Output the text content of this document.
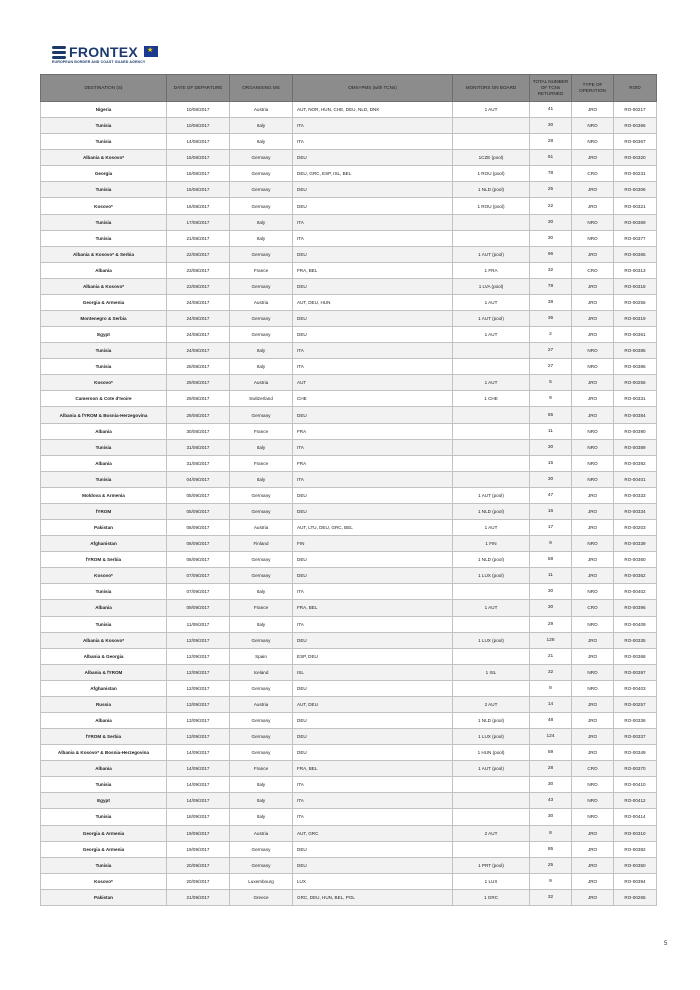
FRONTEX
★
EUROPEAN BORDER AND COAST GUARD AGENCY
DESTINATION (S)	DATE OF DEPARTURE	ORGANISING MS	OMS+PMS (with TCNs)	MONITORS ON BOARD	TOTAL NUMBER OF TCNs RETURNED	TYPE OF OPERATION	ROID
Nigeria	10/08/2017	Austria	AUT, NOR, HUN, CHE, DEU, NLD, DNK	1 AUT	41	JRO	RO-00217
Tunisia	10/08/2017	Italy	ITA		30	NRO	RO-00366
Tunisia	14/08/2017	Italy	ITA		28	NRO	RO-00367
Albania & Kosovo*	15/08/2017	Germany	DEU	1CZE (pool)	61	JRO	RO-00320
Georgia	16/08/2017	Germany	DEU, GRC, ESP, ISL, BEL	1 ROU (pool)	78	CRO	RO-00231
Tunisia	16/08/2017	Germany	DEU	1 NLD (pool)	25	JRO	RO-00306
Kosovo*	16/08/2017	Germany	DEU	1 ROU (pool)	22	JRO	RO-00321
Tunisia	17/08/2017	Italy	ITA		30	NRO	RO-00369
Tunisia	21/08/2017	Italy	ITA		30	NRO	RO-00377
Albania & Kosovo* & Serbia	22/08/2017	Germany	DEU	1 AUT (pool)	96	JRO	RO-00365
Albania	23/08/2017	France	FRA, BEL	1 FRA	32	CRO	RO-00313
Albania & Kosovo*	23/08/2017	Germany	DEU	1 LVA (pool)	78	JRO	RO-00318
Georgia & Armenia	24/08/2017	Austria	AUT, DEU, HUN	1 AUT	38	JRO	RO-00255
Montenegro & Serbia	24/08/2017	Germany	DEU	1 AUT (pool)	36	JRO	RO-00319
Egypt	24/08/2017	Germany	DEU	1 AUT	2	JRO	RO-00361
Tunisia	24/08/2017	Italy	ITA		27	NRO	RO-00385
Tunisia	28/08/2017	Italy	ITA		27	NRO	RO-00386
Kosovo*	29/08/2017	Austria	AUT	1 AUT	5	JRO	RO-00256
Cameroon & Cote d'Ivoire	29/08/2017	Switzerland	CHE	1 CHE	9	JRO	RO-00331
Albania & fYROM & Bosnia-Herzegovina	29/08/2017	Germany	DEU		65	JRO	RO-00384
Albania	30/08/2017	France	FRA		11	NRO	RO-00390
Tunisia	31/08/2017	Italy	ITA		30	NRO	RO-00389
Albania	31/08/2017	France	FRA		15	NRO	RO-00392
Tunisia	04/09/2017	Italy	ITA		30	NRO	RO-00401
Moldova & Armenia	05/09/2017	Germany	DEU	1 AUT (pool)	47	JRO	RO-00333
fYROM	05/09/2017	Germany	DEU	1 NLD (pool)	16	JRO	RO-00334
Pakistan	06/09/2017	Austria	AUT, LTU, DEU, GRC, BEL	1 AUT	17	JRO	RO-00203
Afghanistan	06/09/2017	Finland	FIN	1 FIN	9	NRO	RO-00339
fYROM & Serbia	06/09/2017	Germany	DEU	1 NLD (pool)	58	JRO	RO-00360
Kosovo*	07/09/2017	Germany	DEU	1 LUX (pool)	11	JRO	RO-00362
Tunisia	07/09/2017	Italy	ITA		30	NRO	RO-00402
Albania	09/09/2017	France	FRA, BEL	1 AUT	30	CRO	RO-00396
Tunisia	11/09/2017	Italy	ITA		29	NRO	RO-00409
Albania & Kosovo*	12/09/2017	Germany	DEU	1 LUX (pool)	128	JRO	RO-00335
Albania & Georgia	12/09/2017	Spain	ESP, DEU		21	JRO	RO-00368
Albania & fYROM	12/09/2017	Iceland	ISL	1 ISL	32	NRO	RO-00397
Afghanistan	12/09/2017	Germany	DEU		8	NRO	RO-00403
Russia	13/09/2017	Austria	AUT, DEU	2 AUT	14	JRO	RO-00257
Albania	13/09/2017	Germany	DEU	1 NLD (pool)	48	JRO	RO-00336
fYROM & Serbia	13/09/2017	Germany	DEU	1 LUX (pool)	124	JRO	RO-00337
Albania & Kosovo* & Bosnia-Herzegovina	14/09/2017	Germany	DEU	1 HUN (pool)	59	JRO	RO-00349
Albania	14/09/2017	France	FRA, BEL	1 AUT (pool)	28	CRO	RO-00370
Tunisia	14/09/2017	Italy	ITA		30	NRO	RO-00410
Egypt	14/09/2017	Italy	ITA		43	NRO	RO-00412
Tunisia	18/09/2017	Italy	ITA		30	NRO	RO-00414
Georgia & Armenia	19/09/2017	Austria	AUT, GRC	2 AUT	8	JRO	RO-00310
Georgia & Armenia	19/09/2017	Germany	DEU		85	JRO	RO-00382
Tunisia	20/09/2017	Germany	DEU	1 PRT (pool)	25	JRO	RO-00350
Kosovo*	20/09/2017	Luxembourg	LUX	1 LUX	9	JRO	RO-00394
Pakistan	21/09/2017	Greece	GRC, DEU, HUN, BEL, POL	1 GRC	32	JRO	RO-00265
5
